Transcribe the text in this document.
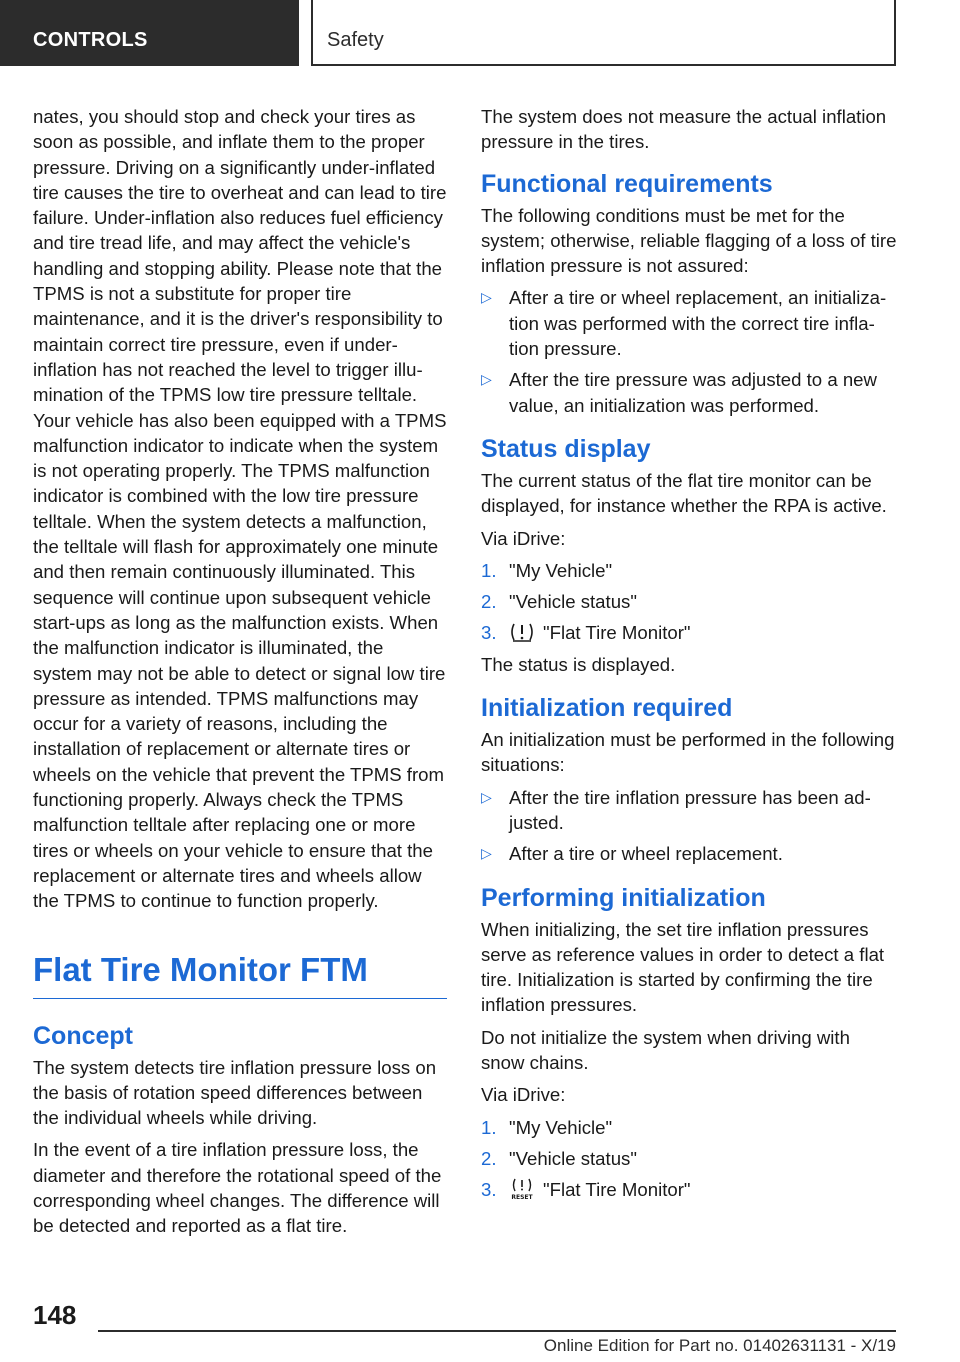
CONTROLS	Safety

nates, you should stop and check your tires as soon as possible, and inflate them to the proper pressure. Driving on a significantly under-inflated tire causes the tire to overheat and can lead to tire failure. Under-inflation also reduces fuel efficiency and tire tread life, and may affect the vehicle's handling and stopping ability. Please note that the TPMS is not a substitute for proper tire maintenance, and it is the driver's responsibility to maintain correct tire pressure, even if under-inflation has not reached the level to trigger illumination of the TPMS low tire pressure telltale. Your vehicle has also been equipped with a TPMS malfunction indicator to indicate when the system is not operating properly. The TPMS malfunction indicator is combined with the low tire pressure telltale. When the system detects a malfunction, the telltale will flash for approximately one minute and then remain continuously illuminated. This sequence will continue upon subsequent vehicle start-ups as long as the malfunction exists. When the malfunction indicator is illuminated, the system may not be able to detect or signal low tire pressure as intended. TPMS malfunctions may occur for a variety of reasons, including the installation of replacement or alternate tires or wheels on the vehicle that prevent the TPMS from functioning properly. Always check the TPMS malfunction telltale after replacing one or more tires or wheels on your vehicle to ensure that the replacement or alternate tires and wheels allow the TPMS to continue to function properly.

Flat Tire Monitor FTM
Concept

The system detects tire inflation pressure loss on the basis of rotation speed differences between the individual wheels while driving.

In the event of a tire inflation pressure loss, the diameter and therefore the rotational speed of the corresponding wheel changes. The difference will be detected and reported as a flat tire.

The system does not measure the actual inflation pressure in the tires.

Functional requirements

The following conditions must be met for the system; otherwise, reliable flagging of a loss of tire inflation pressure is not assured:

▷ After a tire or wheel replacement, an initialization was performed with the correct tire inflation pressure.
▷ After the tire pressure was adjusted to a new value, an initialization was performed.
Status display

The current status of the flat tire monitor can be displayed, for instance whether the RPA is active.

Via iDrive:

1. "My Vehicle"
2. "Vehicle status"
3. "Flat Tire Monitor"

The status is displayed.

Initialization required

An initialization must be performed in the following situations:

▷ After the tire inflation pressure has been adjusted.
▷ After a tire or wheel replacement.
Performing initialization

When initializing, the set tire inflation pressures serve as reference values in order to detect a flat tire. Initialization is started by confirming the tire inflation pressures.

Do not initialize the system when driving with snow chains.

Via iDrive:

1. "My Vehicle"
2. "Vehicle status"
3. RESET "Flat Tire Monitor"
148
Online Edition for Part no. 01402631131 - X/19
